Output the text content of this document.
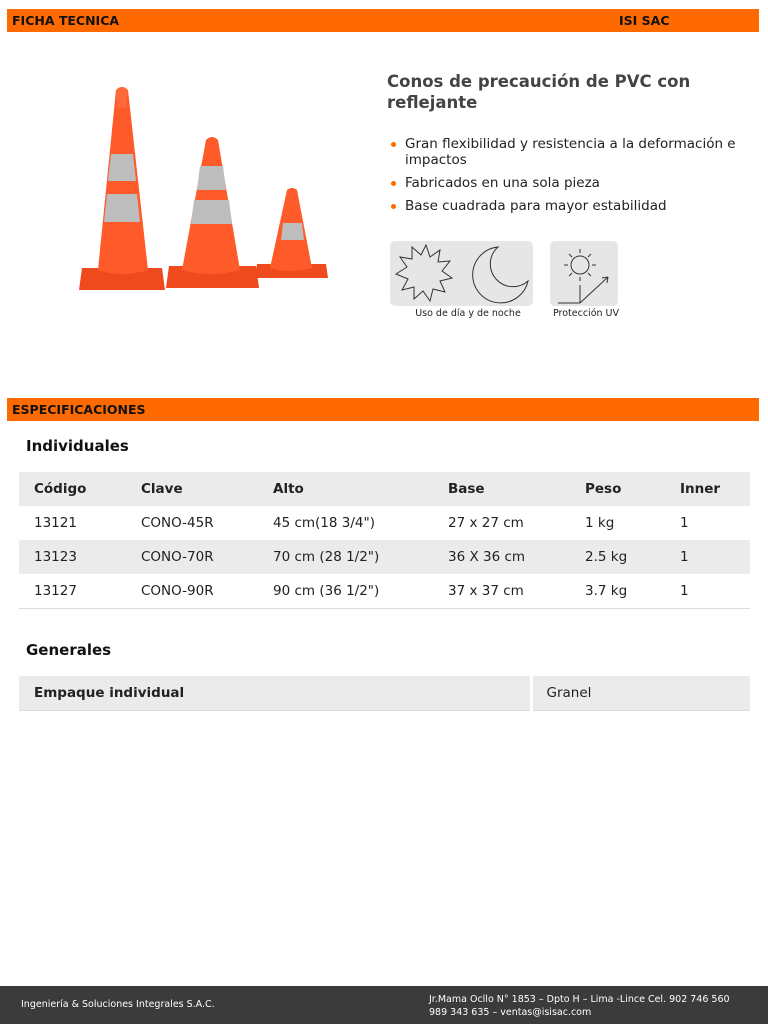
FICHA TECNICA	ISI SAC
Conos de precaución de PVC con reflejante
Gran flexibilidad y resistencia a la deformación e impactos
Fabricados en una sola pieza
Base cuadrada para mayor estabilidad
Uso de día y de noche	Protección UV
ESPECIFICACIONES
Individuales
Código	Clave	Alto	Base	Peso	Inner
13121	CONO-45R	45 cm(18 3/4")	27 x 27 cm	1 kg	1
13123	CONO-70R	70 cm (28 1/2")	36 X 36 cm	2.5 kg	1
13127	CONO-90R	90 cm (36 1/2")	37 x 37 cm	3.7 kg	1
Generales
Empaque individual	Granel
Ingeniería & Soluciones Integrales S.A.C.	Jr.Mama Ocllo N° 1853 – Dpto H – Lima -Lince Cel. 902 746 560
989 343 635 – ventas@isisac.com
